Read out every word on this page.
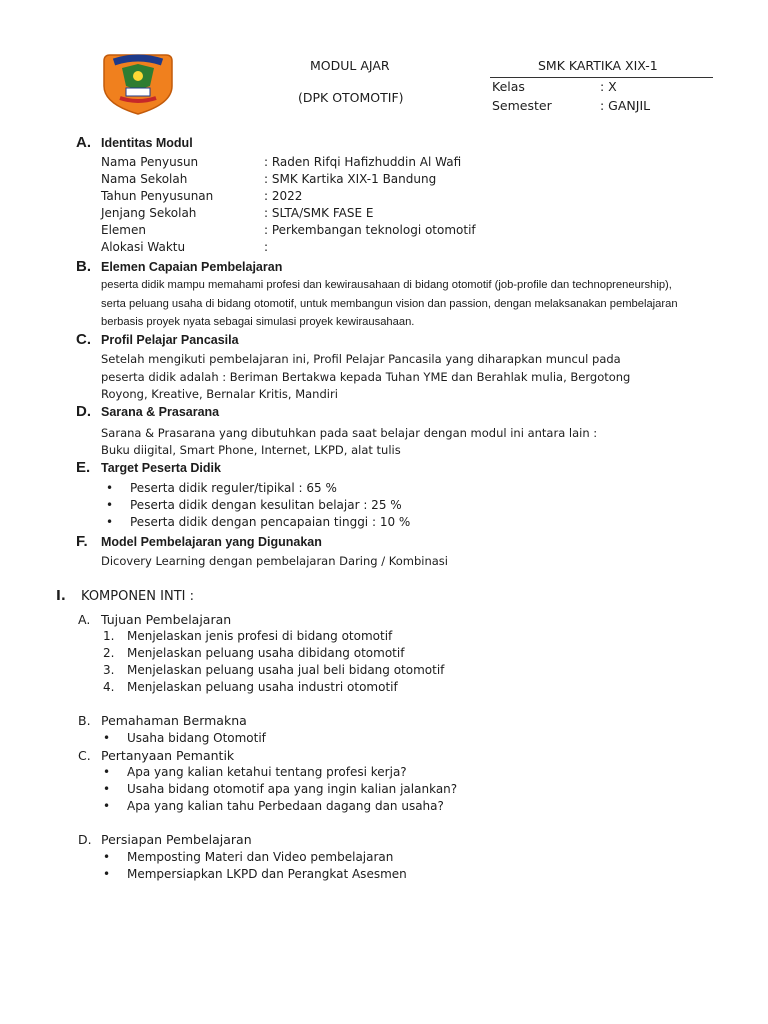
MODUL AJAR
(DPK OTOMOTIF)
SMK KARTIKA XIX-1
Kelas	: X
Semester	: GANJIL
A. Identitas Modul
Nama Penyusun	: Raden Rifqi Hafizhuddin Al Wafi
Nama Sekolah	: SMK Kartika XIX-1 Bandung
Tahun Penyusunan	: 2022
Jenjang Sekolah	: SLTA/SMK FASE E
Elemen	: Perkembangan teknologi otomotif
Alokasi Waktu	:
B. Elemen Capaian Pembelajaran
peserta didik mampu memahami profesi dan kewirausahaan di bidang otomotif (job-profile dan technopreneurship),
serta peluang usaha di bidang otomotif, untuk membangun vision dan passion, dengan melaksanakan pembelajaran
berbasis proyek nyata sebagai simulasi proyek kewirausahaan.
C. Profil Pelajar Pancasila
Setelah mengikuti pembelajaran ini, Profil Pelajar Pancasila yang diharapkan muncul pada
peserta didik adalah : Beriman Bertakwa kepada Tuhan YME dan Berahlak mulia, Bergotong
Royong, Kreative, Bernalar Kritis, Mandiri
D. Sarana & Prasarana
Sarana & Prasarana yang dibutuhkan pada saat belajar dengan modul ini antara lain :
Buku diigital, Smart Phone, Internet, LKPD, alat tulis
E. Target Peserta Didik
•	Peserta didik reguler/tipikal : 65 %
•	Peserta didik dengan kesulitan belajar : 25 %
•	Peserta didik dengan pencapaian tinggi : 10 %
F. Model Pembelajaran yang Digunakan
Dicovery Learning dengan pembelajaran Daring / Kombinasi
I. KOMPONEN INTI :
A. Tujuan Pembelajaran
1.	Menjelaskan jenis profesi di bidang otomotif
2.	Menjelaskan peluang usaha dibidang otomotif
3.	Menjelaskan peluang usaha jual beli bidang otomotif
4.	Menjelaskan peluang usaha industri otomotif
B. Pemahaman Bermakna
•	Usaha bidang Otomotif
C. Pertanyaan Pemantik
•	Apa yang kalian ketahui tentang profesi kerja?
•	Usaha bidang otomotif apa yang ingin kalian jalankan?
•	Apa yang kalian tahu Perbedaan dagang dan usaha?
D. Persiapan Pembelajaran
•	Memposting Materi dan Video pembelajaran
•	Mempersiapkan LKPD dan Perangkat Asesmen
